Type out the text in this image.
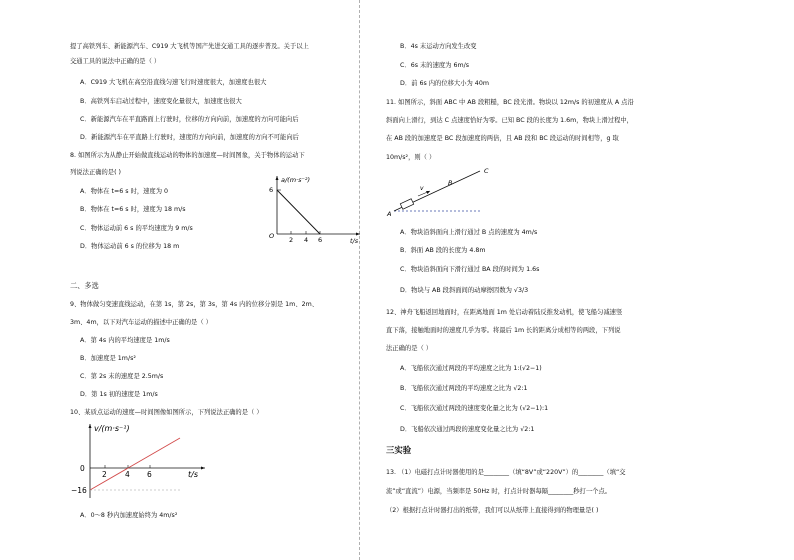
提了高铁列车、新能源汽车、C919 大飞机等国产先进交通工具的逐步普及。关于以上
交通工具的说法中正确的是（ ）
A．C919 大飞机在高空沿直线匀速飞行时速度很大，加速度也很大
B．高铁列车启动过程中，速度变化量很大，加速度也很大
C．新能源汽车在平直路面上行驶时，位移的方向向前，加速度的方向可能向后
D．新能源汽车在平直路上行驶时，速度的方向向前，加速度的方向不可能向后
8. 如图所示为从静止开始做直线运动的物体的加速度—时间图象，关于物体的运动下
列说法正确的是( )
A．物体在 t=6 s 时，速度为 0
B．物体在 t=6 s 时，速度为 18 m/s
C．物体运动前 6 s 的平均速度为 9 m/s
D．物体运动前 6 s 的位移为 18 m
a/(m·s⁻²)
6
O 2 4 6	t/s
二、多选
9、物体做匀变速直线运动，在第 1s，第 2s，第 3s，第 4s 内的位移分别是 1m、2m、
3m、4m，以下对汽车运动的描述中正确的是（ ）
A．第 4s 内的平均速度是 1m/s
B．加速度是 1m/s²
C．第 2s 末的速度是 2.5m/s
D．第 1s 初的速度是 1m/s
10、某质点运动的速度—时间图像如图所示，下列说法正确的是（ ）
v/(m·s⁻¹)
0
−16
2 4 6	t/s
A．0～8 秒内加速度始终为 4m/s²
B．4s 末运动方向发生改变
C．6s 末的速度为 6m/s
D．前 6s 内的位移大小为 40m
11. 如图所示，斜面 ABC 中 AB 段粗糙，BC 段光滑。物块以 12m/s 的初速度从 A 点沿
斜面向上滑行，到达 C 点速度恰好为零。已知 BC 段的长度为 1.6m，物块上滑过程中，
在 AB 段的加速度是 BC 段加速度的两倍，且 AB 段和 BC 段运动的时间相等，g 取
10m/s²，则（ ）
C
B
A
v
A．物块沿斜面向上滑行通过 B 点的速度为 4m/s
B．斜面 AB 段的长度为 4.8m
C．物块沿斜面向下滑行通过 BA 段的时间为 1.6s
D．物块与 AB 段斜面间的动摩擦因数为 √3/3
12、神舟飞船返回地面时，在距离地面 1m 处启动着陆反推发动机，使飞船匀减速竖
直下落，接触地面时的速度几乎为零。将最后 1m 长的距离分成相等的两段，下列说
法正确的是（ ）
A．飞船依次通过两段的平均速度之比为 1:(√2−1)
B．飞船依次通过两段的平均速度之比为 √2:1
C．飞船依次通过两段的速度变化量之比为 (√2−1):1
D．飞船依次通过两段的速度变化量之比为 √2:1
三实验
13. （1）电磁打点计时器使用的是________（填“8V”或“220V”）的________（填“交
流”或“直流”）电源，当频率是 50Hz 时，打点计时器每隔________秒打一个点。
（2）根据打点计时器打出的纸带，我们可以从纸带上直接得到的物理量是( )
